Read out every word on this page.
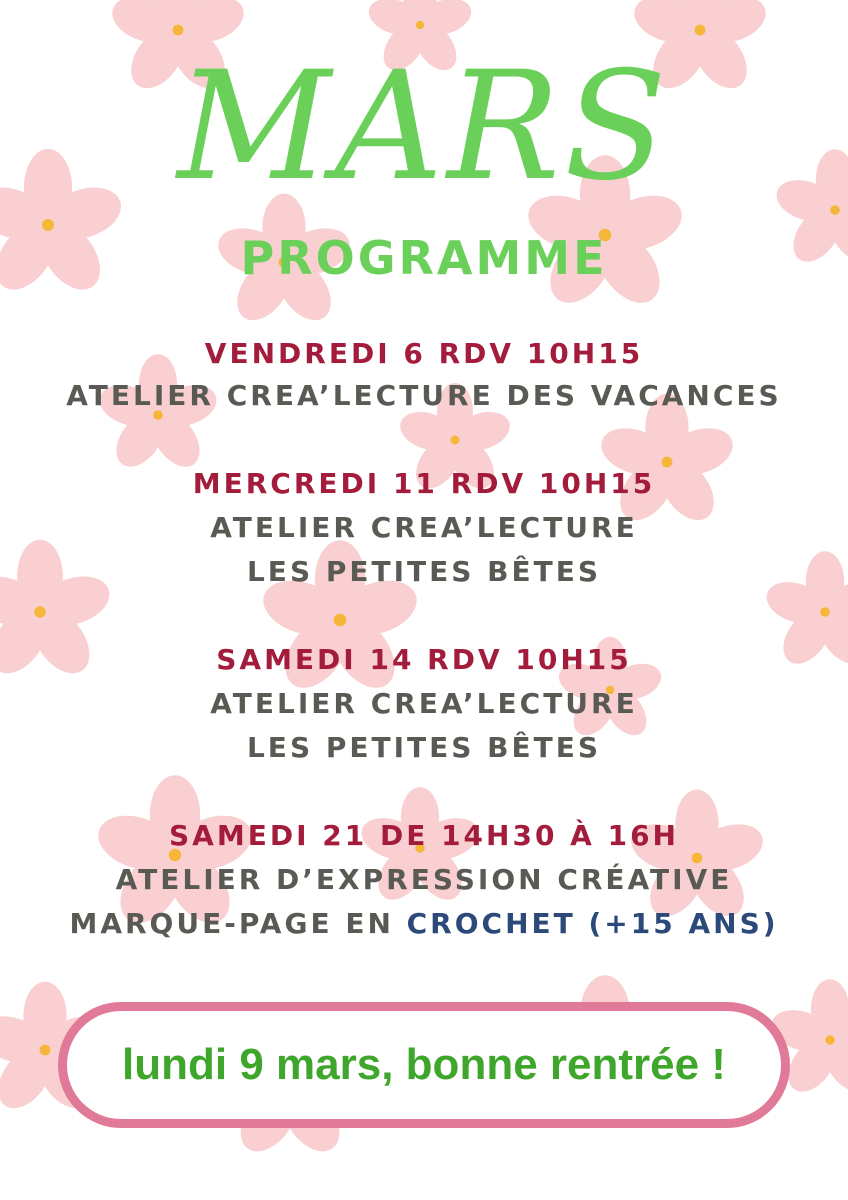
MARS
PROGRAMME
VENDREDI 6 RDV 10H15
ATELIER CREA’LECTURE DES VACANCES
MERCREDI 11 RDV 10H15
ATELIER CREA’LECTURE
LES PETITES BÊTES
SAMEDI 14 RDV 10H15
ATELIER CREA’LECTURE
LES PETITES BÊTES
SAMEDI 21 DE 14H30 À 16H
ATELIER D’EXPRESSION CRÉATIVE
MARQUE-PAGE EN CROCHET (+15 ANS)
lundi 9 mars, bonne rentrée !
